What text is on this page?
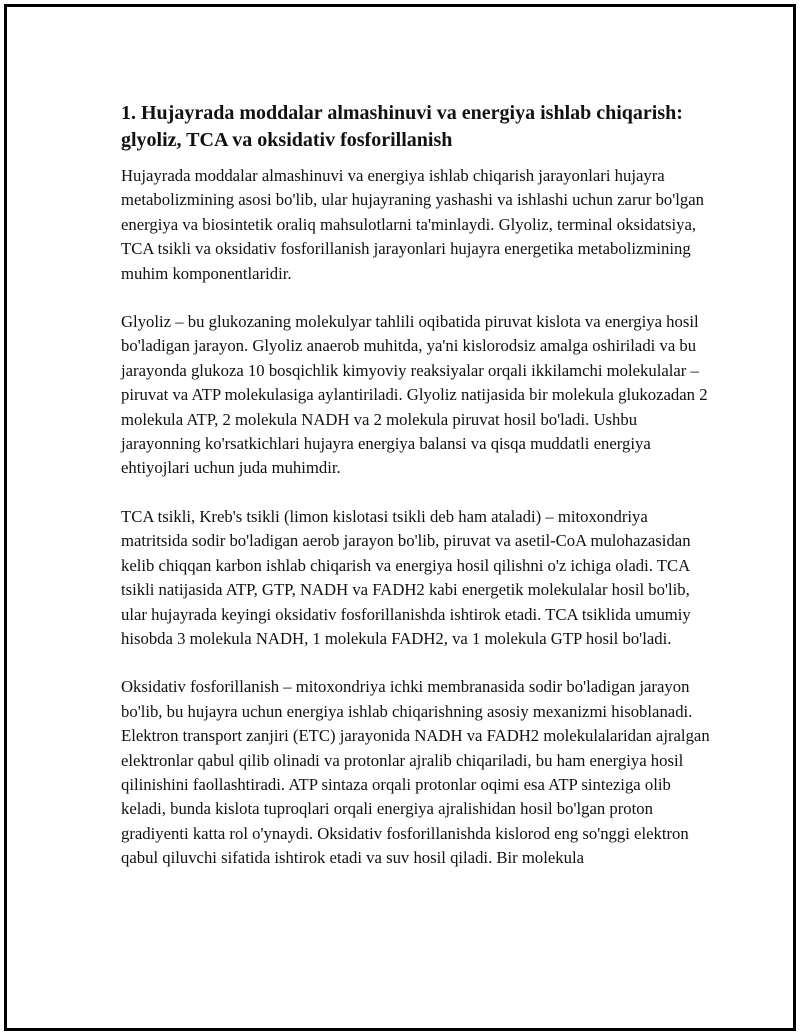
1. Hujayrada moddalar almashinuvi va energiya ishlab chiqarish: glyoliz, TCA va oksidativ fosforillanish

Hujayrada moddalar almashinuvi va energiya ishlab chiqarish jarayonlari hujayra metabolizmining asosi bo'lib, ular hujayraning yashashi va ishlashi uchun zarur bo'lgan energiya va biosintetik oraliq mahsulotlarni ta'minlaydi. Glyoliz, terminal oksidatsiya, TCA tsikli va oksidativ fosforillanish jarayonlari hujayra energetika metabolizmining muhim komponentlaridir.

Glyoliz – bu glukozaning molekulyar tahlili oqibatida piruvat kislota va energiya hosil bo'ladigan jarayon. Glyoliz anaerob muhitda, ya'ni kislorodsiz amalga oshiriladi va bu jarayonda glukoza 10 bosqichlik kimyoviy reaksiyalar orqali ikkilamchi molekulalar – piruvat va ATP molekulasiga aylantiriladi. Glyoliz natijasida bir molekula glukozadan 2 molekula ATP, 2 molekula NADH va 2 molekula piruvat hosil bo'ladi. Ushbu jarayonning ko'rsatkichlari hujayra energiya balansi va qisqa muddatli energiya ehtiyojlari uchun juda muhimdir.

TCA tsikli, Kreb's tsikli (limon kislotasi tsikli deb ham ataladi) – mitoxondriya matritsida sodir bo'ladigan aerob jarayon bo'lib, piruvat va asetil-CoA mulohazasidan kelib chiqqan karbon ishlab chiqarish va energiya hosil qilishni o'z ichiga oladi. TCA tsikli natijasida ATP, GTP, NADH va FADH2 kabi energetik molekulalar hosil bo'lib, ular hujayrada keyingi oksidativ fosforillanishda ishtirok etadi. TCA tsiklida umumiy hisobda 3 molekula NADH, 1 molekula FADH2, va 1 molekula GTP hosil bo'ladi.

Oksidativ fosforillanish – mitoxondriya ichki membranasida sodir bo'ladigan jarayon bo'lib, bu hujayra uchun energiya ishlab chiqarishning asosiy mexanizmi hisoblanadi. Elektron transport zanjiri (ETC) jarayonida NADH va FADH2 molekulalaridan ajralgan elektronlar qabul qilib olinadi va protonlar ajralib chiqariladi, bu ham energiya hosil qilinishini faollashtiradi. ATP sintaza orqali protonlar oqimi esa ATP sinteziga olib keladi, bunda kislota tuproqlari orqali energiya ajralishidan hosil bo'lgan proton gradiyenti katta rol o'ynaydi. Oksidativ fosforillanishda kislorod eng so'nggi elektron qabul qiluvchi sifatida ishtirok etadi va suv hosil qiladi. Bir molekula
